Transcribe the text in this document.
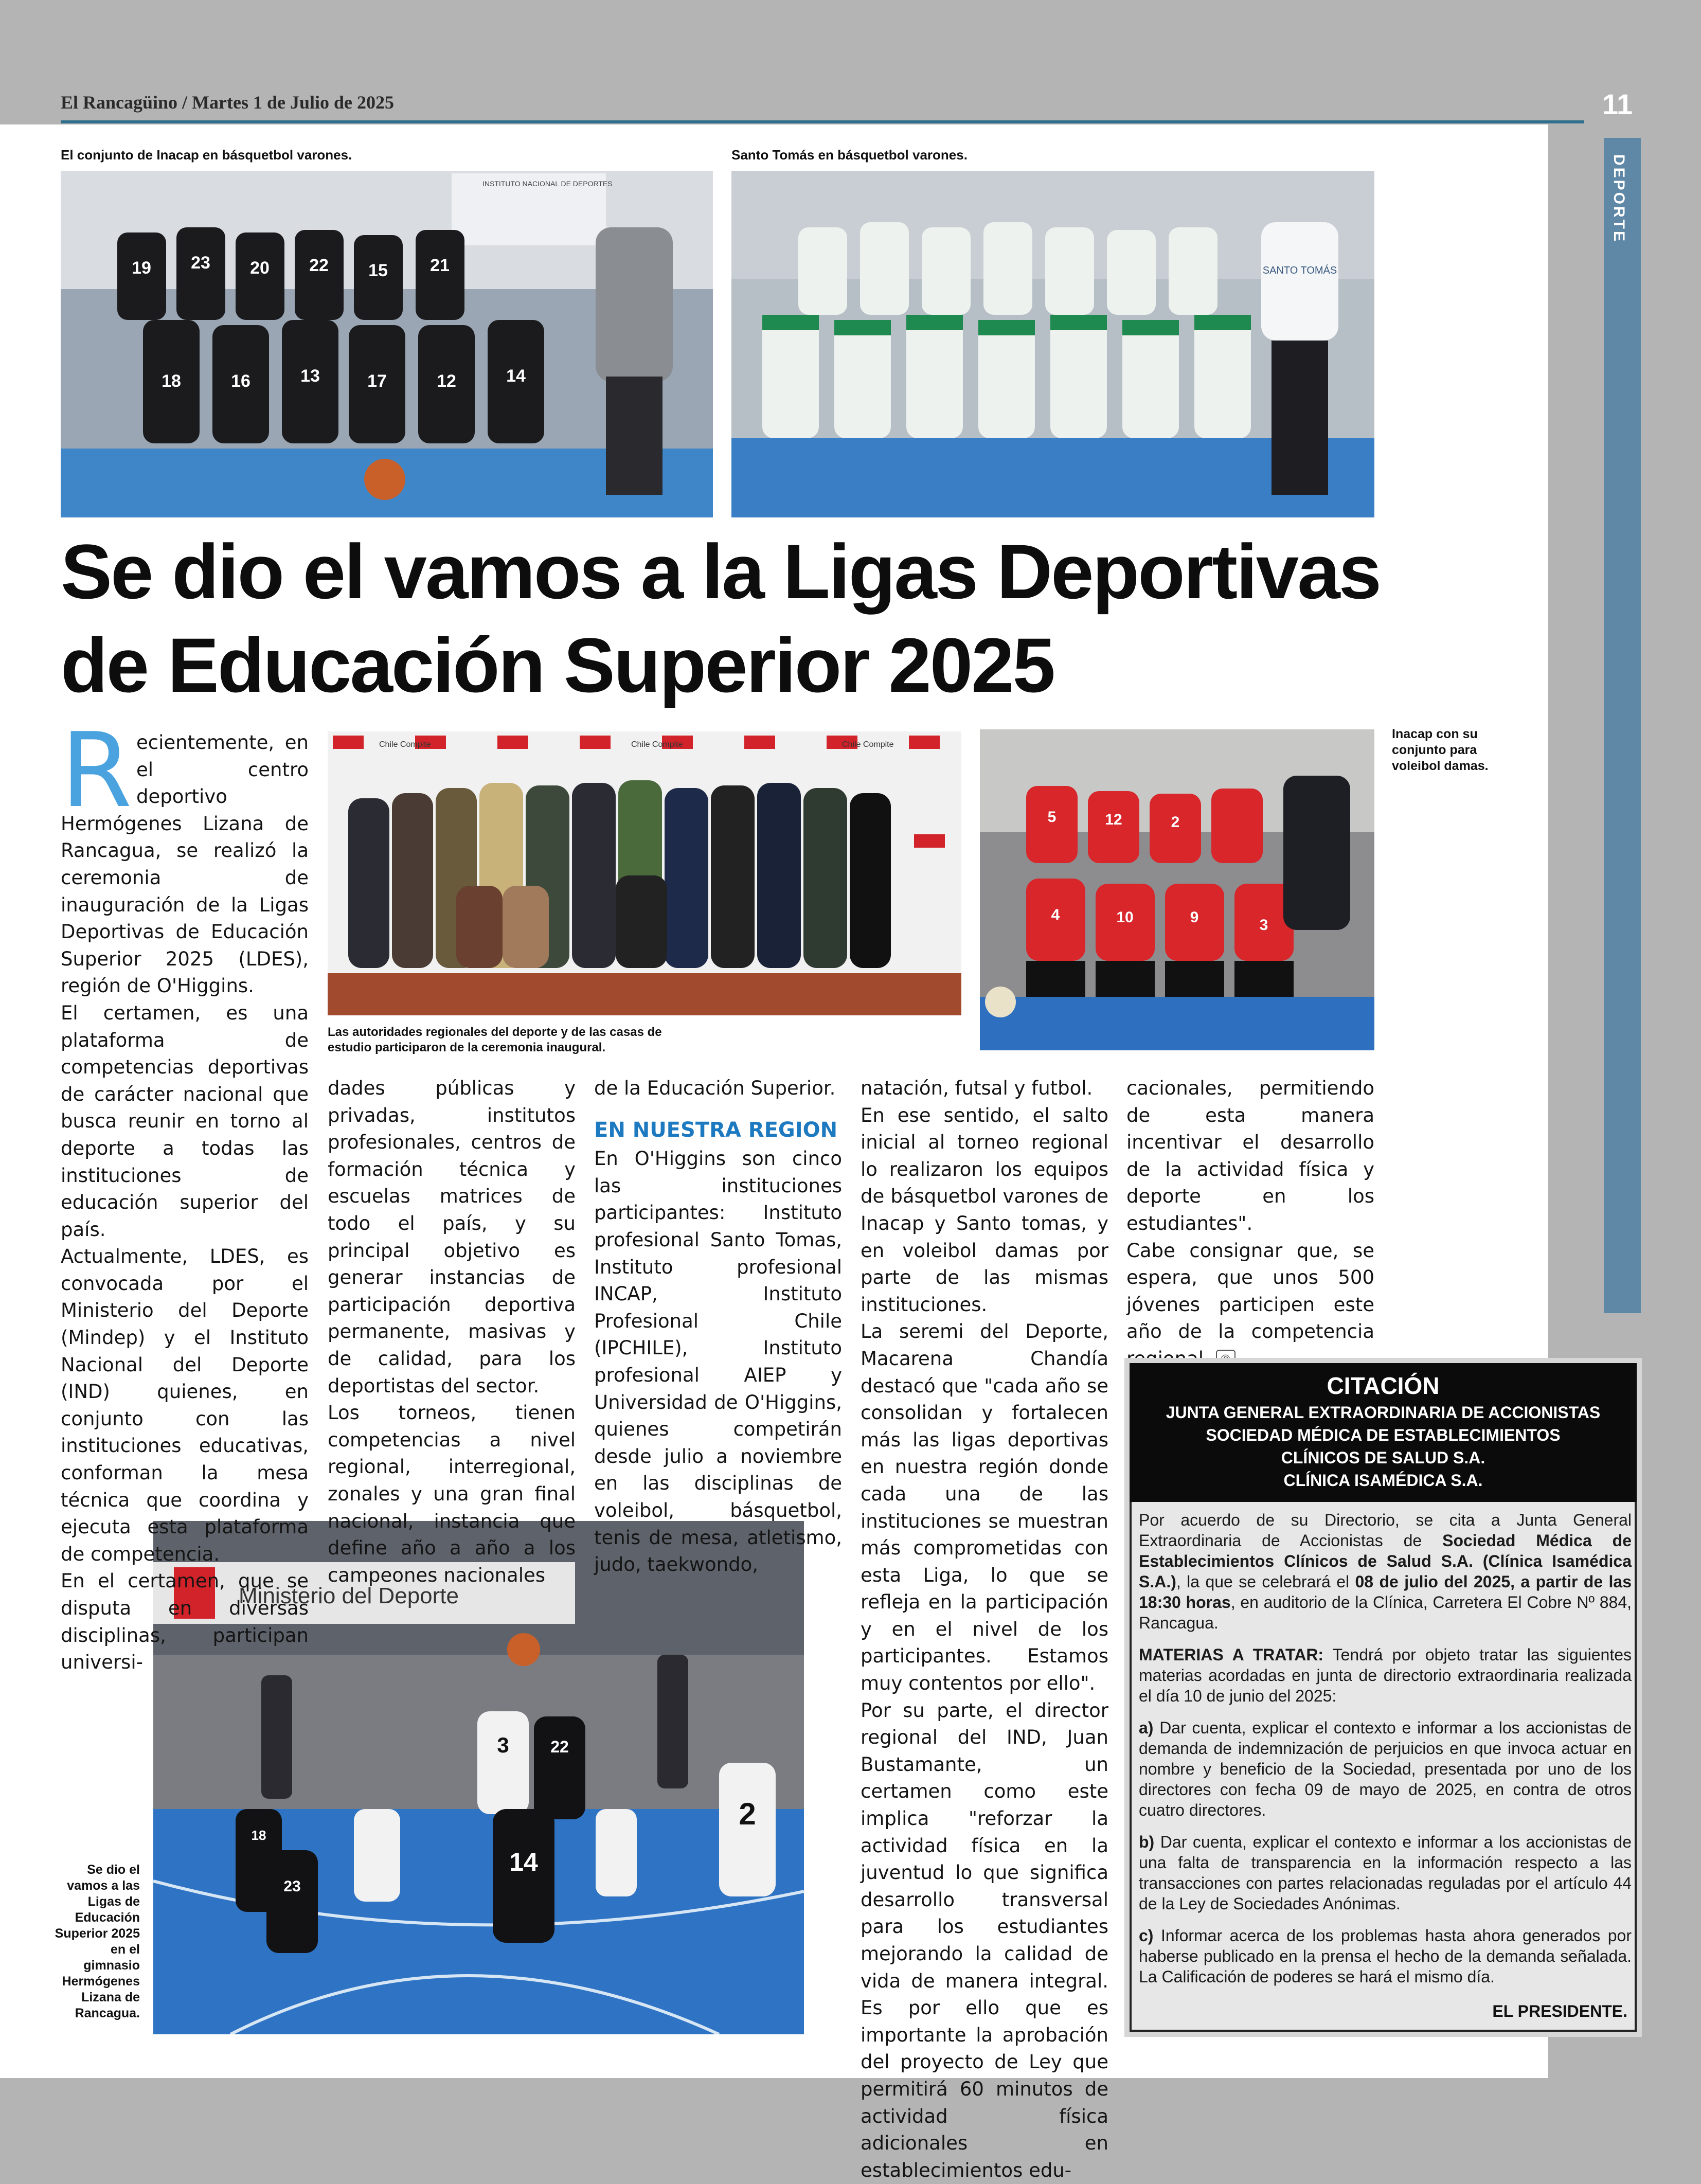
El Rancagüino / Martes 1 de Julio de 2025	11
DEPORTE
El conjunto de Inacap en básquetbol varones.
INSTITUTO NACIONAL DE DEPORTES
19 23 20 22 15 21
18	16	13	17	12	14
Santo Tomás en básquetbol varones.
SANTO TOMÁS
Se dio el vamos a la Ligas Deportivas de Educación Superior 2025
Chile Compite	Chile Compite	Chile Compite
Las autoridades regionales del deporte y de las casas de estudio participaron de la ceremonia inaugural.
5	12	2
4	10	9	3
Inacap con su conjunto para voleibol damas.
Ministerio del Deporte
3	22
14
2
18
23
Se dio el vamos a las Ligas de Educación Superior 2025 en el gimnasio Hermógenes Lizana de Rancagua.

Recientemente, en el centro deportivo Hermógenes Lizana de Rancagua, se realizó la ceremonia de inauguración de la Ligas Deportivas de Educación Superior 2025 (LDES), región de O'Higgins.

El certamen, es una plataforma de competencias deportivas de carácter nacional que busca reunir en torno al deporte a todas las instituciones de educación superior del país.

Actualmente, LDES, es convocada por el Ministerio del Deporte (Mindep) y el Instituto Nacional del Deporte (IND) quienes, en conjunto con las instituciones educativas, conforman la mesa técnica que coordina y ejecuta esta plataforma de competencia.

En el certamen, que se disputa en diversas disciplinas, participan universi-

dades públicas y privadas, institutos profesionales, centros de formación técnica y escuelas matrices de todo el país, y su principal objetivo es generar instancias de participación deportiva permanente, masivas y de calidad, para los deportistas del sector.

Los torneos, tienen competencias a nivel regional, interregional, zonales y una gran final nacional, instancia que define año a año a los campeones nacionales

de la Educación Superior.

EN NUESTRA REGION

En O'Higgins son cinco las instituciones participantes: Instituto profesional Santo Tomas, Instituto profesional INCAP, Instituto Profesional Chile (IPCHILE), Instituto profesional AIEP y Universidad de O'Higgins, quienes competirán desde julio a noviembre en las disciplinas de voleibol, básquetbol, tenis de mesa, atletismo, judo, taekwondo,

natación, futsal y futbol.

En ese sentido, el salto inicial al torneo regional lo realizaron los equipos de básquetbol varones de Inacap y Santo tomas, y en voleibol damas por parte de las mismas instituciones.

La seremi del Deporte, Macarena Chandía destacó que "cada año se consolidan y fortalecen más las ligas deportivas en nuestra región donde cada una de las instituciones se muestran más comprometidas con esta Liga, lo que se refleja en la participación y en el nivel de los participantes. Estamos muy contentos por ello".

Por su parte, el director regional del IND, Juan Bustamante, un certamen como este implica "reforzar la actividad física en la juventud lo que significa desarrollo transversal para los estudiantes mejorando la calidad de vida de manera integral. Es por ello que es importante la aprobación del proyecto de Ley que permitirá 60 minutos de actividad física adicionales en establecimientos edu-

cacionales, permitiendo de esta manera incentivar el desarrollo de la actividad física y deporte en los estudiantes".

Cabe consignar que, se espera, que unos 500 jóvenes participen este año de la competencia

CITACIÓN
JUNTA GENERAL EXTRAORDINARIA DE ACCIONISTAS
SOCIEDAD MÉDICA DE ESTABLECIMIENTOS
CLÍNICOS DE SALUD S.A.
CLÍNICA ISAMÉDICA S.A.

Por acuerdo de su Directorio, se cita a Junta General Extraordinaria de Accionistas de Sociedad Médica de Establecimientos Clínicos de Salud S.A. (Clínica Isamédica S.A.), la que se celebrará el 08 de julio del 2025, a partir de las 18:30 horas, en auditorio de la Clínica, Carretera El Cobre Nº 884, Rancagua.

MATERIAS A TRATAR: Tendrá por objeto tratar las siguientes materias acordadas en junta de directorio extraordinaria realizada el día 10 de junio del 2025:

a) Dar cuenta, explicar el contexto e informar a los accionistas de demanda de indemnización de perjuicios en que invoca actuar en nombre y beneficio de la Sociedad, presentada por uno de los directores con fecha 09 de mayo de 2025, en contra de otros cuatro directores.

b) Dar cuenta, explicar el contexto e informar a los accionistas de una falta de transparencia en la información respecto a las transacciones con partes relacionadas reguladas por el artículo 44 de la Ley de Sociedades Anónimas.

c) Informar acerca de los problemas hasta ahora generados por haberse publicado en la prensa el hecho de la demanda señalada. La Calificación de poderes se hará el mismo día.

EL PRESIDENTE.
